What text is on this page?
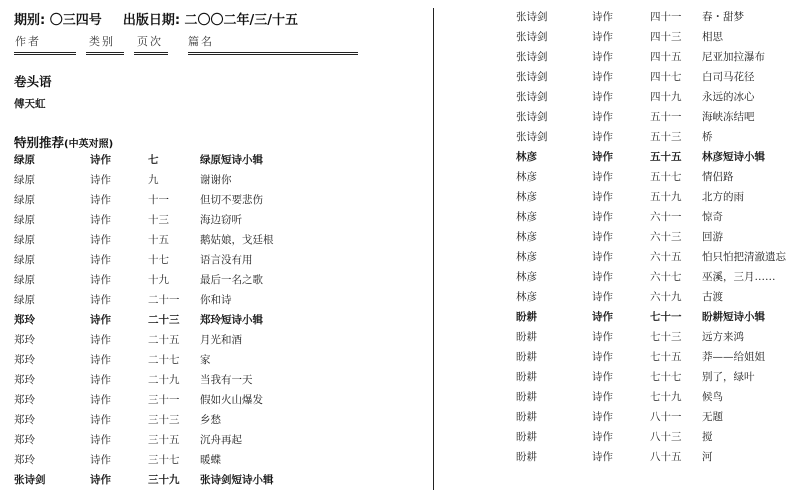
期别: 〇三四号 出版日期: 二〇〇二年/三/十五
作者	类别 页次 篇名
卷头语
傅天虹
特别推荐(中英对照)
绿原	诗作	七	绿原短诗小辑
绿原	诗作	九	谢谢你
绿原	诗作	十一	但切不要悲伤
绿原	诗作	十三	海边窃听
绿原	诗作	十五	鹅姑娘，戈廷根
绿原	诗作	十七	语言没有用
绿原	诗作	十九	最后一名之歌
绿原	诗作	二十一 你和诗
郑玲	诗作	二十三 郑玲短诗小辑
郑玲	诗作	二十五 月光和酒
郑玲	诗作	二十七 家
郑玲	诗作	二十九 当我有一天
郑玲	诗作	三十一 假如火山爆发
郑玲	诗作	三十三 乡愁
郑玲	诗作	三十五 沉舟再起
郑玲	诗作	三十七 暖蝶
张诗剑	诗作	三十九 张诗剑短诗小辑
张诗剑	诗作	四十一 春・甜梦
张诗剑	诗作	四十三 相思
张诗剑	诗作	四十五 尼亚加拉瀑布
张诗剑	诗作	四十七 白司马花径
张诗剑	诗作	四十九 永远的冰心
张诗剑	诗作	五十一 海峡冻结吧
张诗剑	诗作	五十三 桥
林彦	诗作	五十五 林彦短诗小辑
林彦	诗作	五十七 情侣路
林彦	诗作	五十九 北方的雨
林彦	诗作	六十一 惊奇
林彦	诗作	六十三 回游
林彦	诗作	六十五 怕只怕把清澈遗忘
林彦	诗作	六十七 巫溪，三月……
林彦	诗作	六十九 古渡
盼耕	诗作	七十一 盼耕短诗小辑
盼耕	诗作	七十三 远方来鸿
盼耕	诗作	七十五 莽——给姐姐
盼耕	诗作	七十七 别了，绿叶
盼耕	诗作	七十九 候鸟
盼耕	诗作	八十一 无题
盼耕	诗作	八十三 搅
盼耕	诗作	八十五 河
